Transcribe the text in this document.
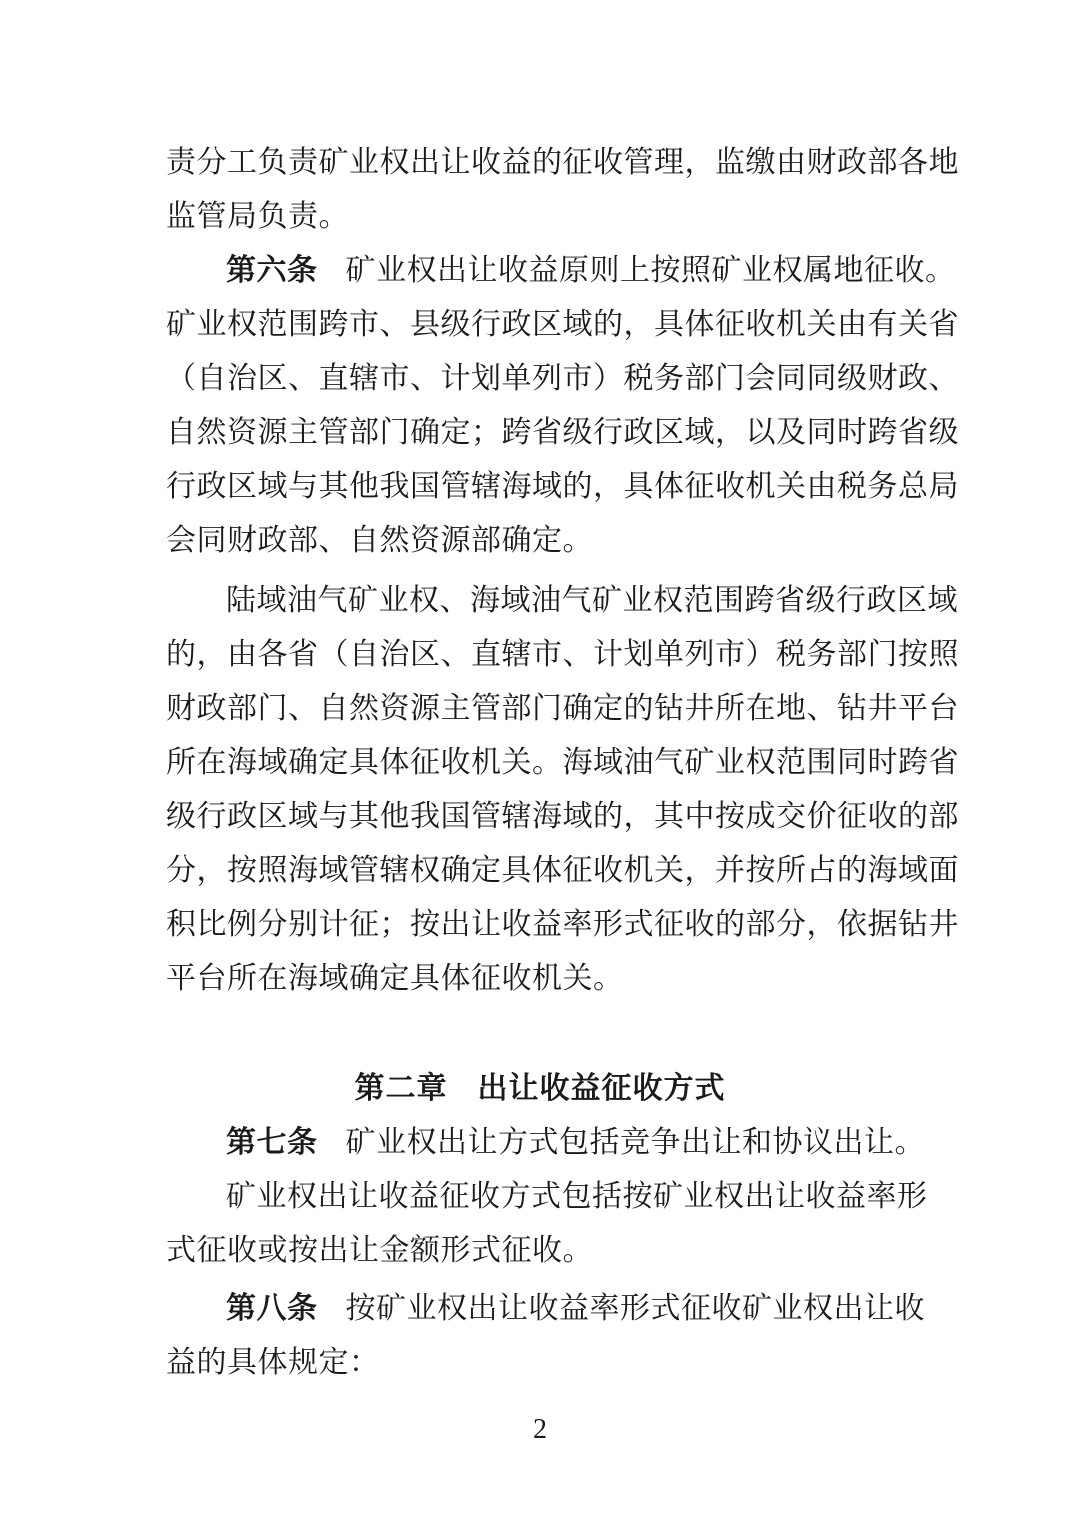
责分工负责矿业权出让收益的征收管理，监缴由财政部各地
监管局负责。
第六条 矿业权出让收益原则上按照矿业权属地征收。
矿业权范围跨市、县级行政区域的，具体征收机关由有关省
（自治区、直辖市、计划单列市）税务部门会同同级财政、
自然资源主管部门确定；跨省级行政区域，以及同时跨省级
行政区域与其他我国管辖海域的，具体征收机关由税务总局
会同财政部、自然资源部确定。
陆域油气矿业权、海域油气矿业权范围跨省级行政区域
的，由各省（自治区、直辖市、计划单列市）税务部门按照
财政部门、自然资源主管部门确定的钻井所在地、钻井平台
所在海域确定具体征收机关。海域油气矿业权范围同时跨省
级行政区域与其他我国管辖海域的，其中按成交价征收的部
分，按照海域管辖权确定具体征收机关，并按所占的海域面
积比例分别计征；按出让收益率形式征收的部分，依据钻井
平台所在海域确定具体征收机关。
第二章 出让收益征收方式
第七条 矿业权出让方式包括竞争出让和协议出让。
矿业权出让收益征收方式包括按矿业权出让收益率形
式征收或按出让金额形式征收。
第八条 按矿业权出让收益率形式征收矿业权出让收
益的具体规定：
2
